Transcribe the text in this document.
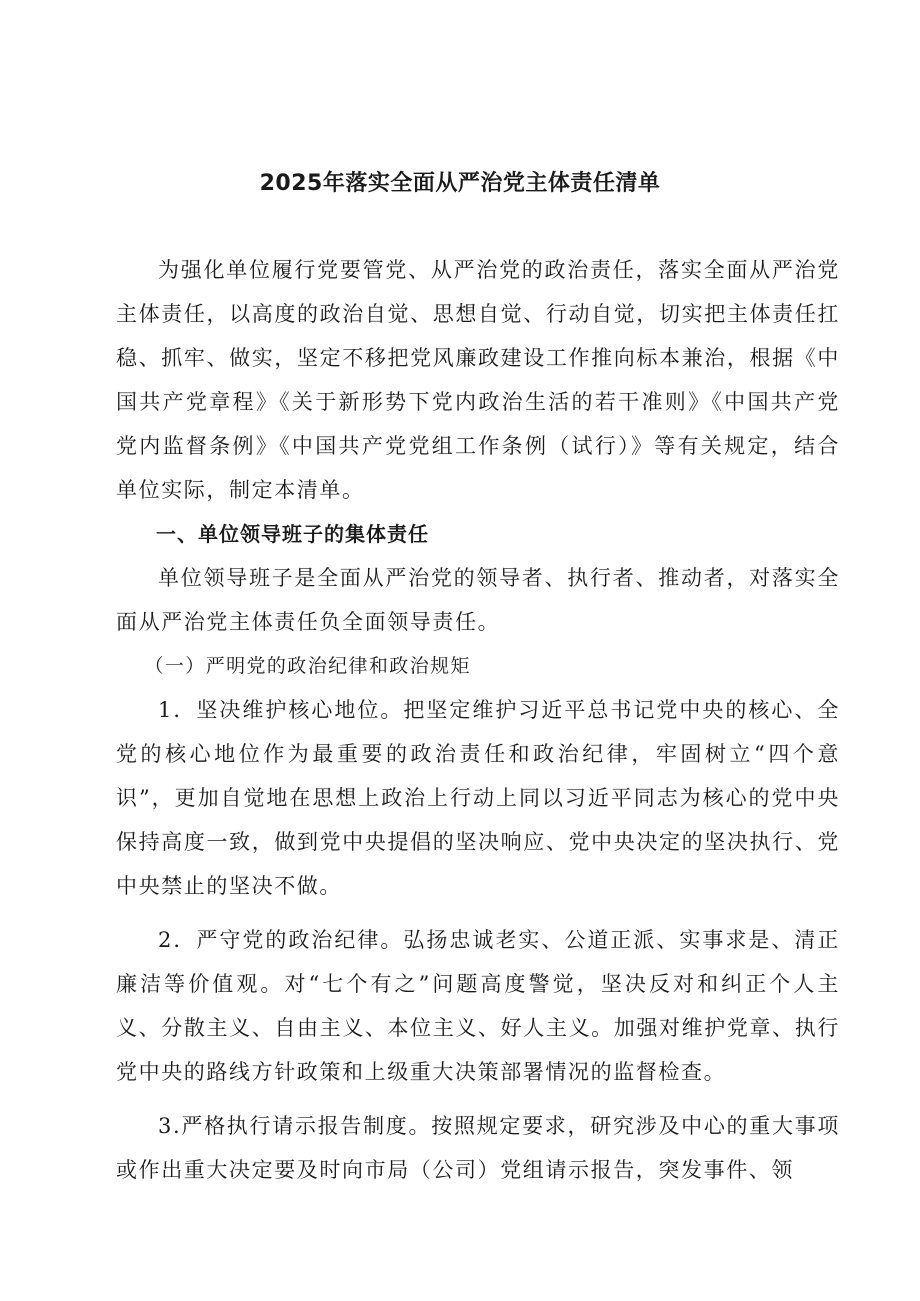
2025年落实全面从严治党主体责任清单

为强化单位履行党要管党、从严治党的政治责任，落实全面从严治党主体责任，以高度的政治自觉、思想自觉、行动自觉，切实把主体责任扛稳、抓牢、做实，坚定不移把党风廉政建设工作推向标本兼治，根据《中国共产党章程》《关于新形势下党内政治生活的若干准则》《中国共产党党内监督条例》《中国共产党党组工作条例（试行）》等有关规定，结合单位实际，制定本清单。

一、单位领导班子的集体责任

单位领导班子是全面从严治党的领导者、执行者、推动者，对落实全面从严治党主体责任负全面领导责任。

（一）严明党的政治纪律和政治规矩

1．坚决维护核心地位。把坚定维护习近平总书记党中央的核心、全党的核心地位作为最重要的政治责任和政治纪律，牢固树立“四个意识”，更加自觉地在思想上政治上行动上同以习近平同志为核心的党中央保持高度一致，做到党中央提倡的坚决响应、党中央决定的坚决执行、党中央禁止的坚决不做。

2．严守党的政治纪律。弘扬忠诚老实、公道正派、实事求是、清正廉洁等价值观。对“七个有之”问题高度警觉，坚决反对和纠正个人主义、分散主义、自由主义、本位主义、好人主义。加强对维护党章、执行党中央的路线方针政策和上级重大决策部署情况的监督检查。

3.严格执行请示报告制度。按照规定要求，研究涉及中心的重大事项或作出重大决定要及时向市局（公司）党组请示报告，突发事件、领
